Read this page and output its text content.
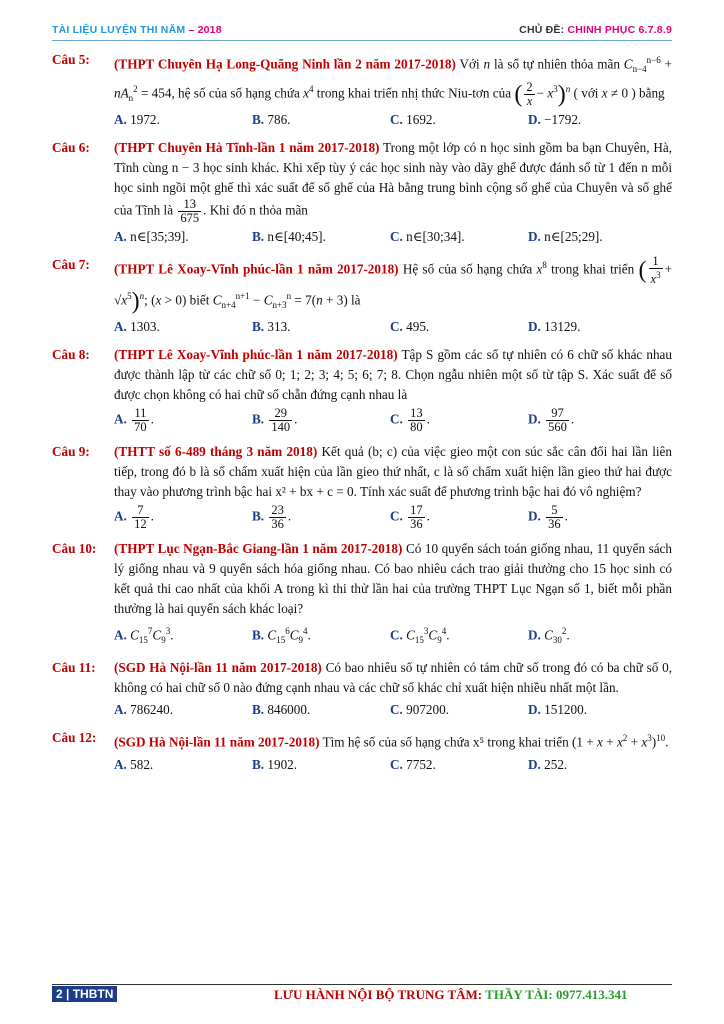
TÀI LIỆU LUYỆN THI NĂM – 2018	CHỦ ĐỀ: CHINH PHỤC 6.7.8.9
Câu 5: (THPT Chuyên Hạ Long-Quãng Ninh lần 2 năm 2017-2018) Với n là số tự nhiên thỏa mãn $C_{n-4}^{n-6} + nA_n^2 = 454$, hệ số của số hạng chứa $x^4$ trong khai triển nhị thức Niu-tơn của ( $\frac{2}{x} - x^3)^n$ ( với x ≠ 0 ) bằng
A. 1972.	B. 786.	C. 1692.	D. −1792.
Câu 6: (THPT Chuyên Hà Tĩnh-lần 1 năm 2017-2018) Trong một lớp có n học sinh gồm ba bạn Chuyên, Hà, Tĩnh cùng n − 3 học sinh khác. Khi xếp tùy ý các học sinh này vào dãy ghế được đánh số từ 1 đến n mỗi học sinh ngồi một ghế thì xác suất để số ghế của Hà bằng trung bình cộng số ghế của Chuyên và số ghế của Tĩnh là $\frac{13}{675}$ . Khi đó n thỏa mãn
A. n∈[35;39].	B. n∈[40;45].	C. n∈[30;34].	D. n∈[25;29].
Câu 7: (THPT Lê Xoay-Vĩnh phúc-lần 1 năm 2017-2018) Hệ số của số hạng chứa $x^8$ trong khai triển ( $\frac{1}{x^3} + √x^5)^n$; (x > 0) biết $C_{n+4}^{n+1} - C_{n+3}^n = 7(n + 3)$ là
A. 1303.	B. 313.	C. 495.	D. 13129.
Câu 8: (THPT Lê Xoay-Vĩnh phúc-lần 1 năm 2017-2018) Tập S gồm các số tự nhiên có 6 chữ số khác nhau được thành lập từ các chữ số 0; 1; 2; 3; 4; 5; 6; 7; 8. Chọn ngẫu nhiên một số từ tập S. Xác suất để số được chọn không có hai chữ số chẵn đứng cạnh nhau là
A. $\frac{11}{70}$ .	B. $\frac{29}{140}$ .	C. $\frac{13}{80}$ .	D. $\frac{97}{560}$ .
Câu 9: (THTT số 6-489 tháng 3 năm 2018) Kết quả (b; c) của việc gieo một con súc sắc cân đối hai lần liên tiếp, trong đó b là số chấm xuất hiện của lần gieo thứ nhất, c là số chấm xuất hiện lần gieo thứ hai được thay vào phương trình bậc hai x² + bx + c = 0. Tính xác suất để phương trình bậc hai đó vô nghiệm?
A. $\frac{7}{12}$ .	B. $\frac{23}{36}$ .	C. $\frac{17}{36}$ .	D. $\frac{5}{36}$ .
Câu 10: (THPT Lục Ngạn-Bắc Giang-lần 1 năm 2017-2018) Có 10 quyển sách toán giống nhau, 11 quyển sách lý giống nhau và 9 quyển sách hóa giống nhau. Có bao nhiêu cách trao giải thưởng cho 15 học sinh có kết quả thi cao nhất của khối A trong kì thi thử lần hai của trường THPT Lục Ngạn số 1, biết mỗi phần thưởng là hai quyển sách khác loại?
A. $C_{15}^7C_9^3$.	B. $C_{15}^6C_9^4$.	C. $C_{15}^3C_9^4$.	D. $C_{30}^2$.
Câu 11: (SGD Hà Nội-lần 11 năm 2017-2018) Có bao nhiêu số tự nhiên có tám chữ số trong đó có ba chữ số 0, không có hai chữ số 0 nào đứng cạnh nhau và các chữ số khác chỉ xuất hiện nhiều nhất một lần.
A. 786240.	B. 846000.	C. 907200.	D. 151200.
Câu 12: (SGD Hà Nội-lần 11 năm 2017-2018) Tìm hệ số của số hạng chứa x⁵ trong khai triển $(1 + x + x^2 + x^3)^{10}$.
A. 582.	B. 1902.	C. 7752.	D. 252.
2 | THBTN	LƯU HÀNH NỘI BỘ TRUNG TÂM: THẦY TÀI: 0977.413.341
